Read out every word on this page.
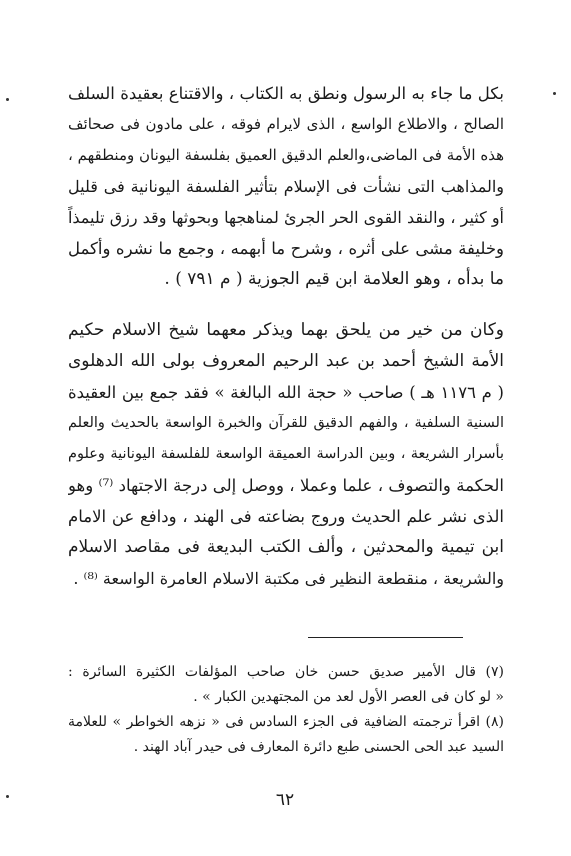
بكل ما جاء به الرسول ونطق به الكتاب ، والاقتناع بعقيدة السلف
الصالح ، والاطلاع الواسع ، الذى لايرام فوقه ، على مادون فى صحائف
هذه الأمة فى الماضى،والعلم الدقيق العميق بفلسفة اليونان ومنطقهم ،
والمذاهب التى نشأت فى الإسلام بتأثير الفلسفة اليونانية فى قليل
أو كثير ، والنقد القوى الحر الجرئ لمناهجها وبحوثها وقد رزق تليمذاً
وخليفة مشى على أثره ، وشرح ما أبهمه ، وجمع ما نشره وأكمل
ما بدأه ، وهو العلامة ابن قيم الجوزية ( م ٧٩١ ) .
وكان من خير من يلحق بهما ويذكر معهما شيخ الاسلام حكيم
الأمة الشيخ أحمد بن عبد الرحيم المعروف بولى الله الدهلوى
( م ١١٧٦ هـ ) صاحب « حجة الله البالغة » فقد جمع بين العقيدة
السنية السلفية ، والفهم الدقيق للقرآن والخبرة الواسعة بالحديث والعلم
بأسرار الشريعة ، وبين الدراسة العميقة الواسعة للفلسفة اليونانية وعلوم
الحكمة والتصوف ، علما وعملا ، ووصل إلى درجة الاجتهاد ⁽⁷⁾ وهو
الذى نشر علم الحديث وروج بضاعته فى الهند ، ودافع عن الامام
ابن تيمية والمحدثين ، وألف الكتب البديعة فى مقاصد الاسلام
والشريعة ، منقطعة النظير فى مكتبة الاسلام العامرة الواسعة ⁽⁸⁾ .
(٧) قال الأمير صديق حسن خان صاحب المؤلفات الكثيرة السائرة :
« لو كان فى العصر الأول لعد من المجتهدين الكبار » .
(٨) اقرأ ترجمته الضافية فى الجزء السادس فى « نزهه الخواطر » للعلامة
السيد عبد الحى الحسنى طبع دائرة المعارف فى حيدر آباد الهند .
٦٢
